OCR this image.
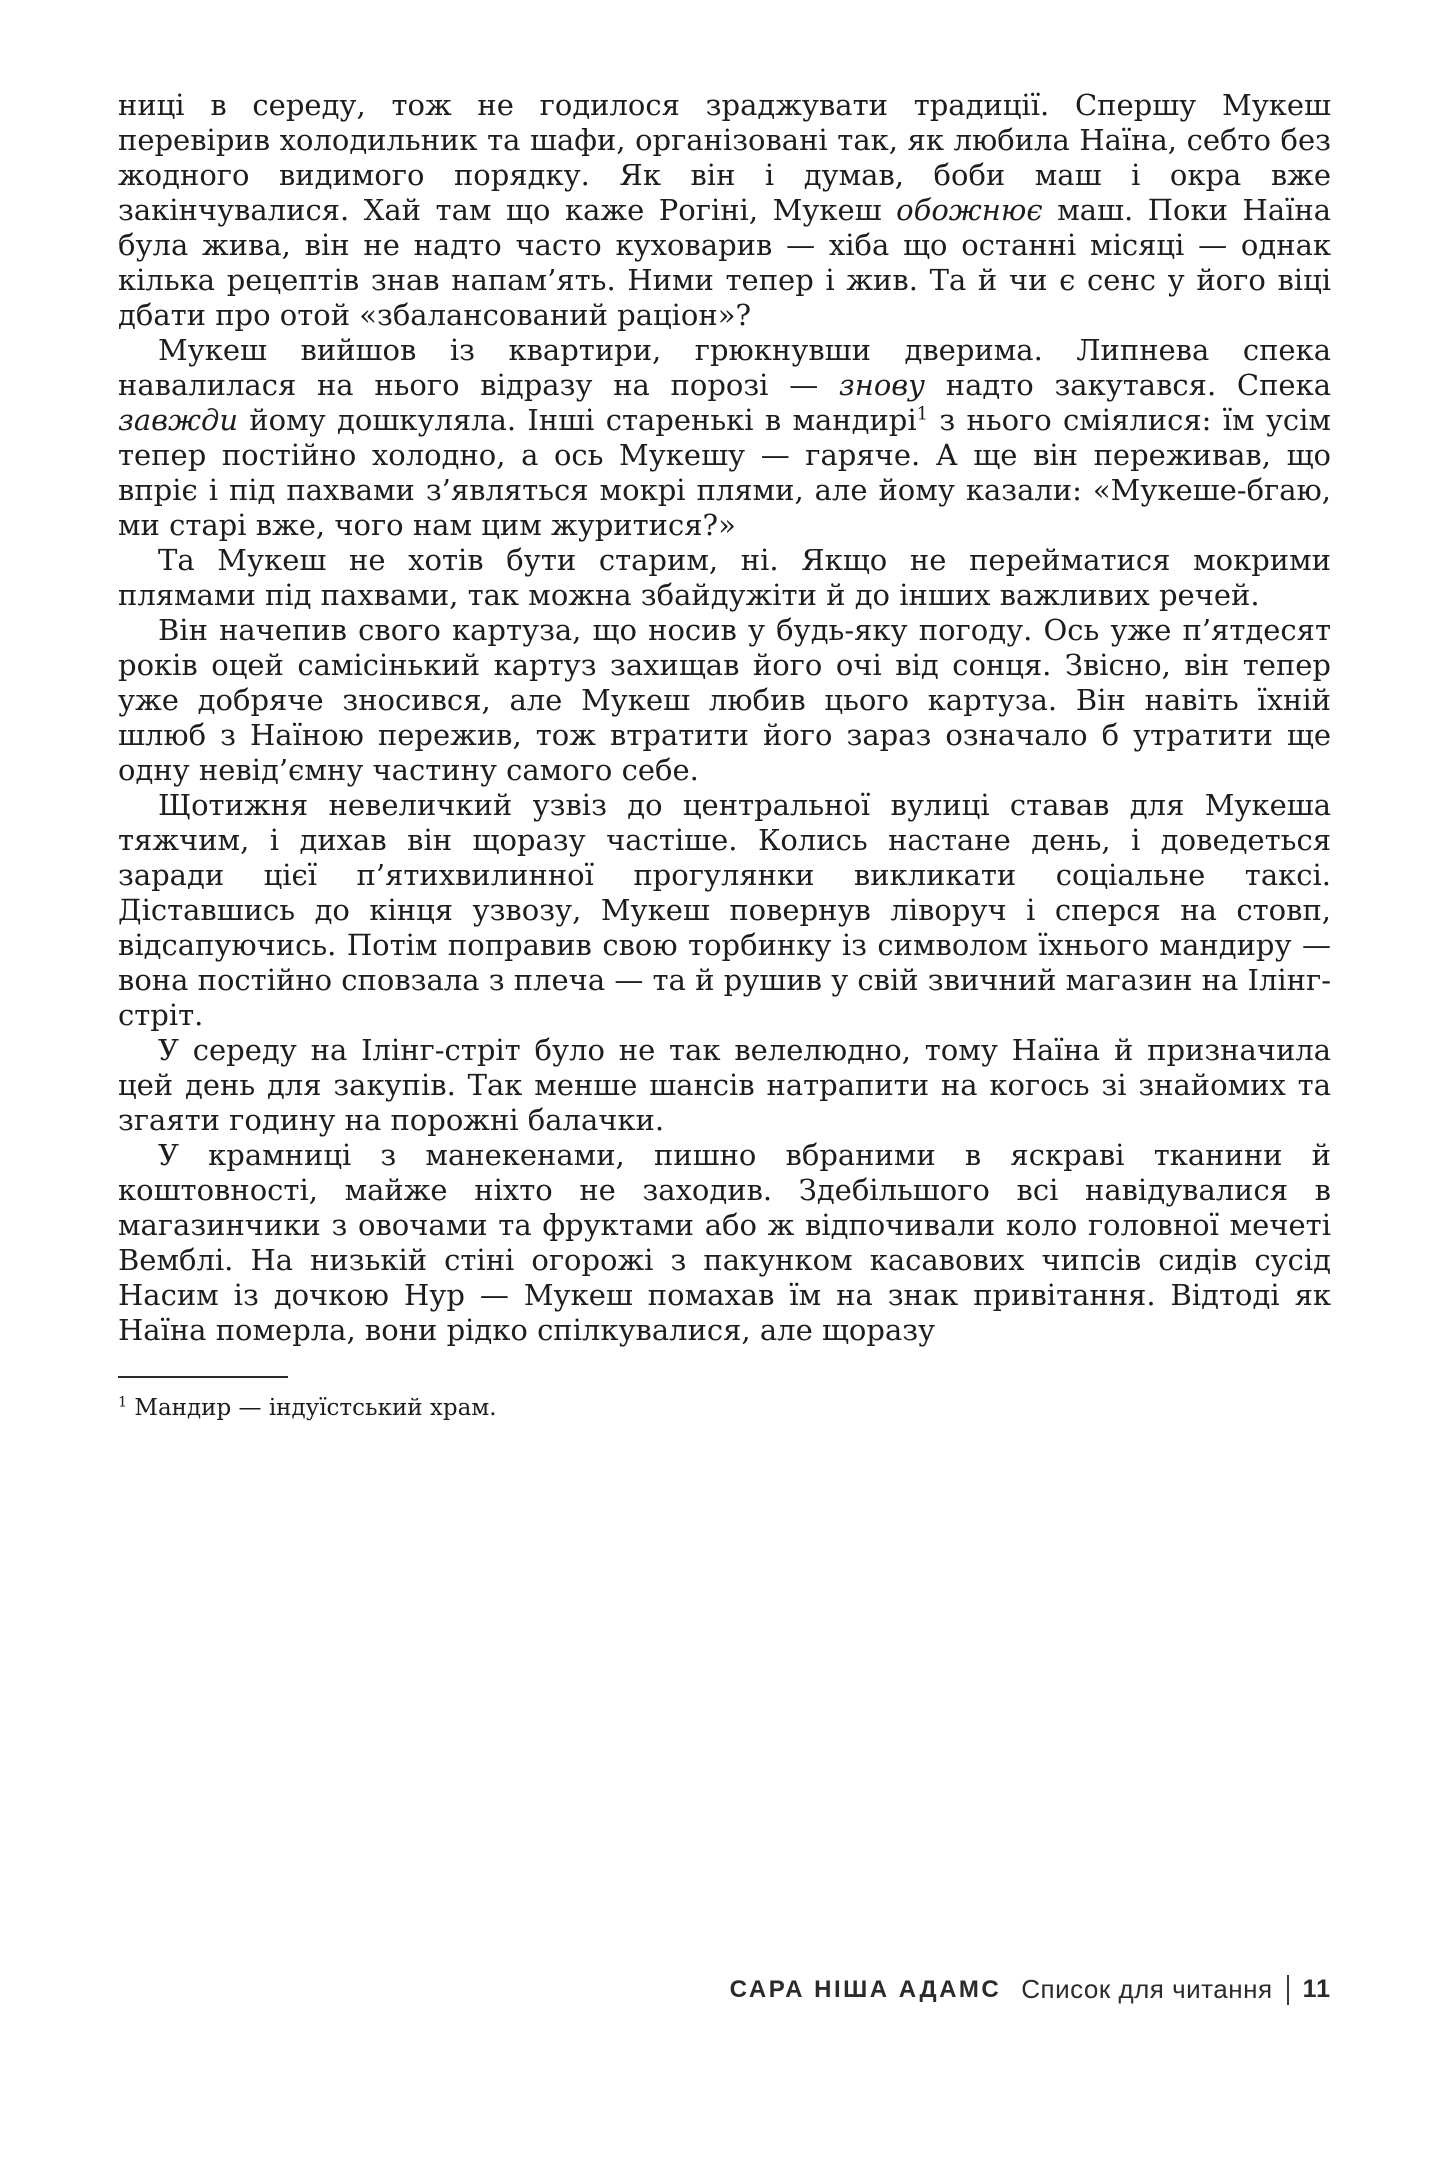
ниці в середу, тож не годилося зраджувати традиції. Спершу Мукеш перевірив холодильник та шафи, організовані так, як любила Наїна, себто без жодного видимого порядку. Як він і думав, боби маш і окра вже закінчувалися. Хай там що каже Рогіні, Мукеш обожнює маш. Поки Наїна була жива, він не надто часто куховарив — хіба що останні місяці — однак кілька рецептів знав напам’ять. Ними тепер і жив. Та й чи є сенс у його віці дбати про отой «збалансований раціон»?

Мукеш вийшов із квартири, грюкнувши дверима. Липнева спека навалилася на нього відразу на порозі — знову надто закутався. Спека завжди йому дошкуляла. Інші старенькі в мандирі$^1$ з нього сміялися: їм усім тепер постійно холодно, а ось Мукешу — гаряче. А ще він переживав, що впріє і під пахвами з’являться мокрі плями, але йому казали: «Мукеше-бгаю, ми старі вже, чого нам цим журитися?»

Та Мукеш не хотів бути старим, ні. Якщо не перейматися мокрими плямами під пахвами, так можна збайдужіти й до інших важливих речей.

Він начепив свого картуза, що носив у будь-яку погоду. Ось уже п’ятдесят років оцей самісінький картуз захищав його очі від сонця. Звісно, він тепер уже добряче зносився, але Мукеш любив цього картуза. Він навіть їхній шлюб з Наїною пережив, тож втратити його зараз означало б утратити ще одну невід’ємну частину самого себе.

Щотижня невеличкий узвіз до центральної вулиці ставав для Мукеша тяжчим, і дихав він щоразу частіше. Колись настане день, і доведеться заради цієї п’ятихвилинної прогулянки викликати соціальне таксі. Діставшись до кінця узвозу, Мукеш повернув ліворуч і сперся на стовп, відсапуючись. Потім поправив свою торбинку із символом їхнього мандиру — вона постійно сповзала з плеча — та й рушив у свій звичний магазин на Ілінг-стріт.

У середу на Ілінг-стріт було не так велелюдно, тому Наїна й призначила цей день для закупів. Так менше шансів натрапити на когось зі знайомих та згаяти годину на порожні балачки.

У крамниці з манекенами, пишно вбраними в яскраві тканини й коштовності, майже ніхто не заходив. Здебільшого всі навідувалися в магазинчики з овочами та фруктами або ж відпочивали коло головної мечеті Вемблі. На низькій стіні огорожі з пакунком касавових чипсів сидів сусід Насим із дочкою Нур — Мукеш помахав їм на знак привітання. Відтоді як Наїна померла, вони рідко спілкувалися, але щоразу

$^1$ Мандир — індуїстський храм.

САРА НІША АДАМС Список для читання 11
